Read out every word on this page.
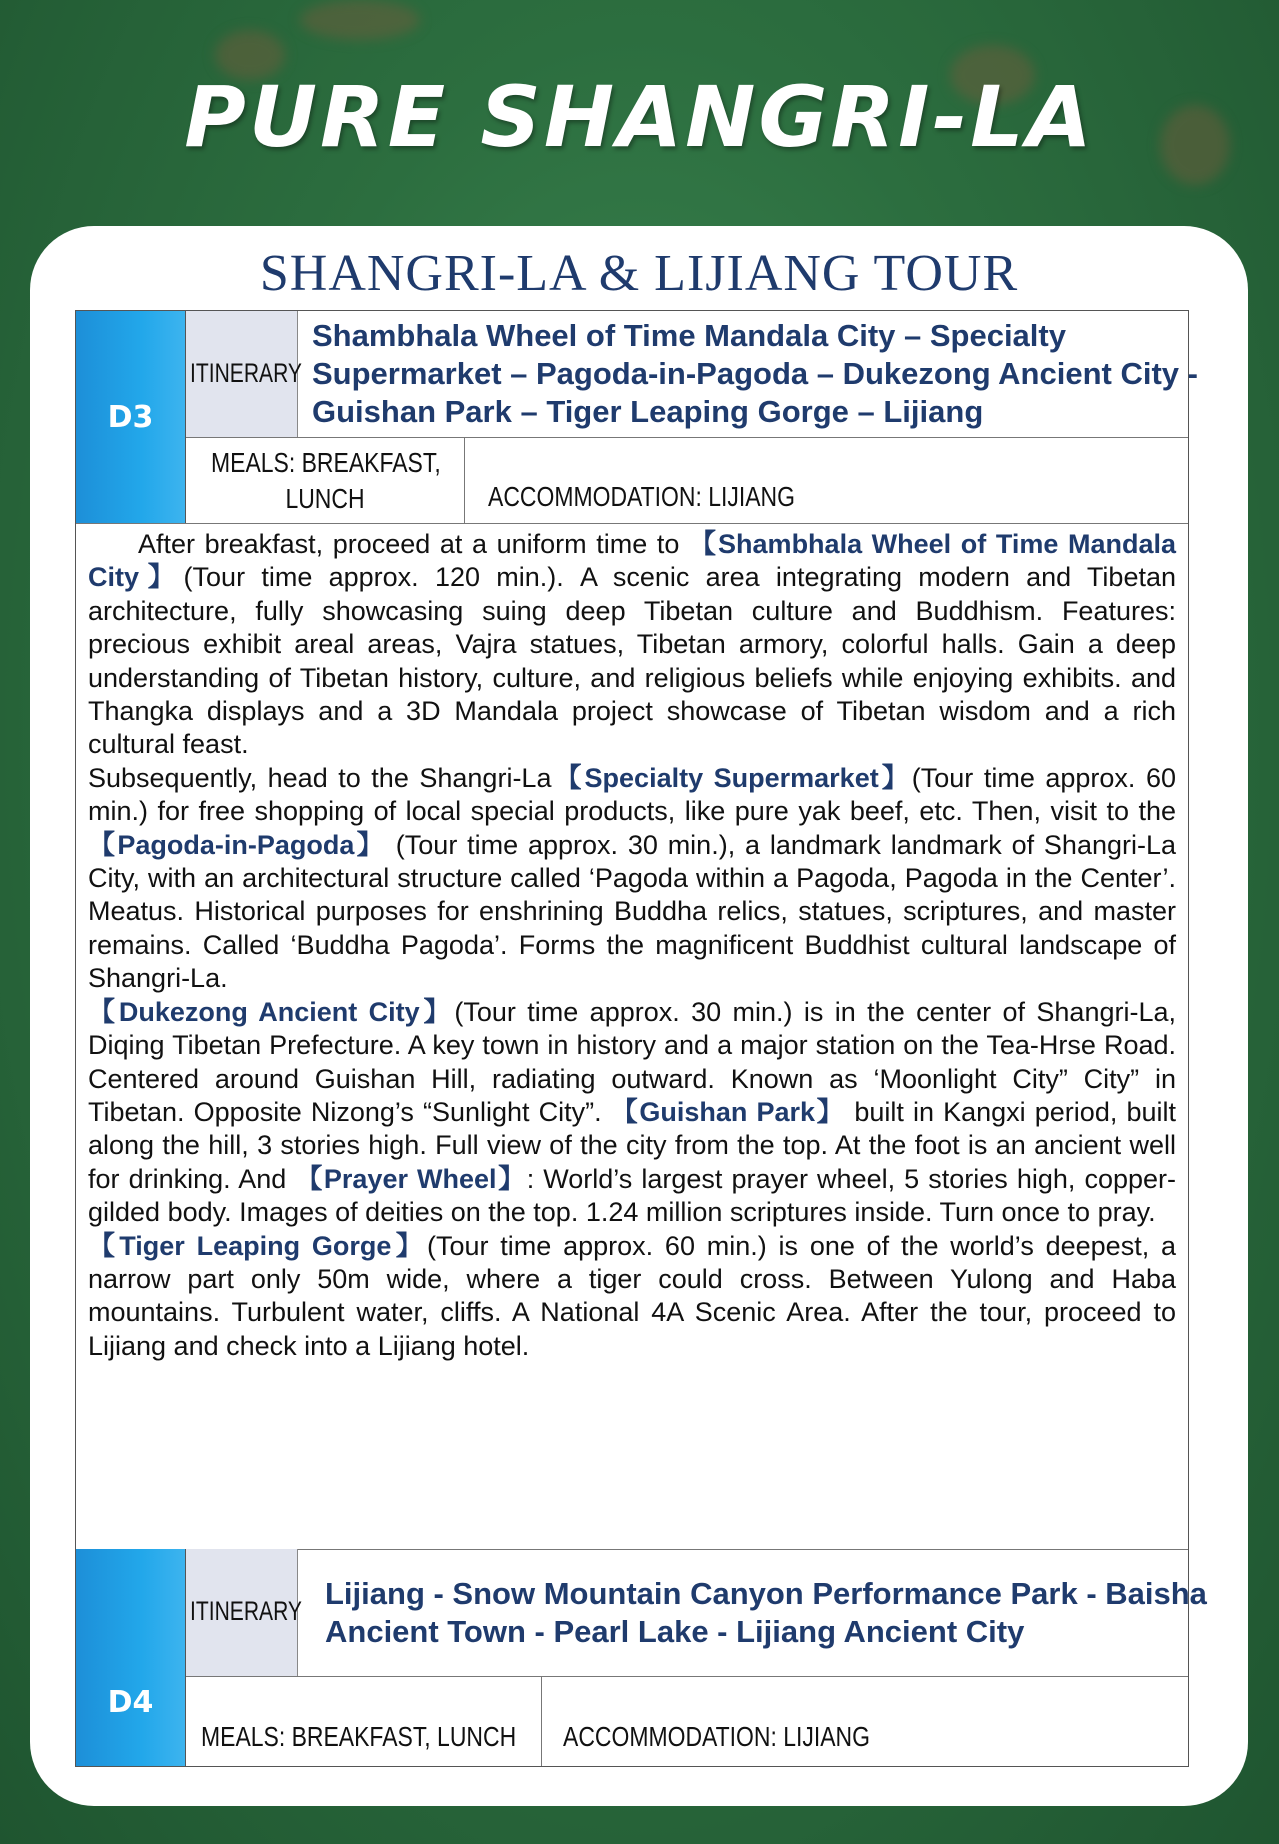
PURE SHANGRI-LA
SHANGRI-LA & LIJIANG TOUR
D3
ITINERARY
Shambhala Wheel of Time Mandala City – Specialty
Supermarket – Pagoda-in-Pagoda – Dukezong Ancient City -
Guishan Park – Tiger Leaping Gorge – Lijiang
MEALS: BREAKFAST,
LUNCH	ACCOMMODATION: LIJIANG
D4
ITINERARY Lijiang - Snow Mountain Canyon Performance Park - Baisha
Ancient Town - Pearl Lake - Lijiang Ancient City
MEALS: BREAKFAST, LUNCH ACCOMMODATION: LIJIANG

After breakfast, proceed at a uniform time to 【Shambhala Wheel of Time Mandala City】(Tour time approx. 120 min.). A scenic area integrating modern and Tibetan architecture, fully showcasing suing deep Tibetan culture and Buddhism. Features: precious exhibit areal areas, Vajra statues, Tibetan armory, colorful halls. Gain a deep understanding of Tibetan history, culture, and religious beliefs while enjoying exhibits. and Thangka displays and a 3D Mandala project showcase of Tibetan wisdom and a rich cultural feast.

Subsequently, head to the Shangri-La【Specialty Supermarket】(Tour time approx. 60 min.) for free shopping of local special products, like pure yak beef, etc. Then, visit to the 【Pagoda-in-Pagoda】 (Tour time approx. 30 min.), a landmark landmark of Shangri-La City, with an architectural structure called ‘Pagoda within a Pagoda, Pagoda in the Center’. Meatus. Historical purposes for enshrining Buddha relics, statues, scriptures, and master remains. Called ‘Buddha Pagoda’. Forms the magnificent Buddhist cultural landscape of Shangri-La.

【Dukezong Ancient City】(Tour time approx. 30 min.) is in the center of Shangri-La, Diqing Tibetan Prefecture. A key town in history and a major station on the Tea-Hrse Road. Centered around Guishan Hill, radiating outward. Known as ‘Moonlight City” City” in Tibetan. Opposite Nizong’s “Sunlight City”. 【Guishan Park】 built in Kangxi period, built along the hill, 3 stories high. Full view of the city from the top. At the foot is an ancient well for drinking. And 【Prayer Wheel】: World’s largest prayer wheel, 5 stories high, copper-gilded body. Images of deities on the top. 1.24 million scriptures inside. Turn once to pray.

【Tiger Leaping Gorge】(Tour time approx. 60 min.) is one of the world’s deepest, a narrow part only 50m wide, where a tiger could cross. Between Yulong and Haba mountains. Turbulent water, cliffs. A National 4A Scenic Area. After the tour, proceed to Lijiang and check into a Lijiang hotel.
